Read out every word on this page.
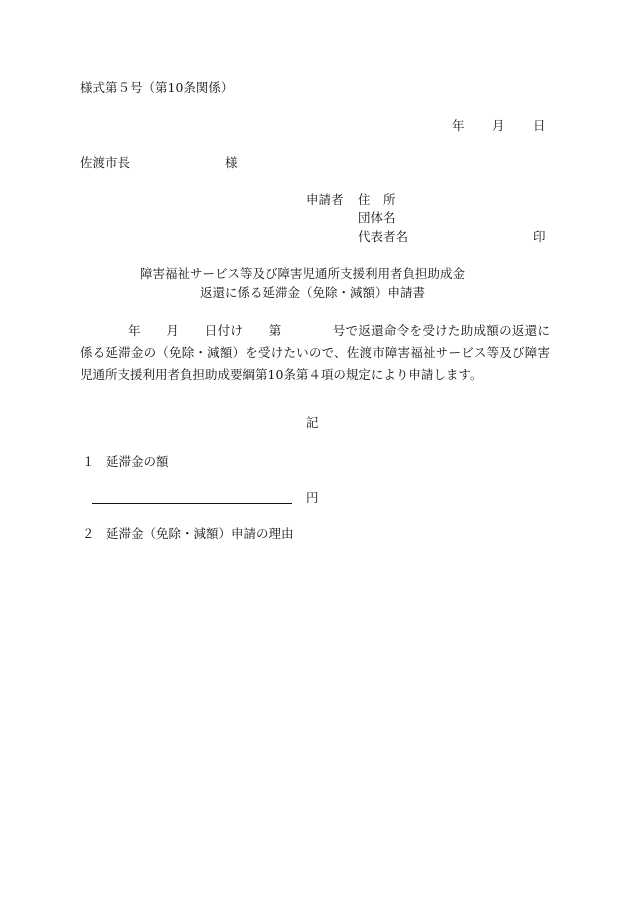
様式第５号（第10条関係）
年 月 日
佐渡市長	様
申請者 住　所
団体名
代表者名	印
障害福祉サービス等及び障害児通所支援利用者負担助成金
返還に係る延滞金（免除・減額）申請書
年　　月　　日付け　　第　　　　号で返還命令を受けた助成額の返還に係る延滞金の（免除・減額）を受けたいので、佐渡市障害福祉サービス等及び障害児通所支援利用者負担助成要綱第10条第４項の規定により申請します。
記
１ 延滞金の額
円
２ 延滞金（免除・減額）申請の理由
